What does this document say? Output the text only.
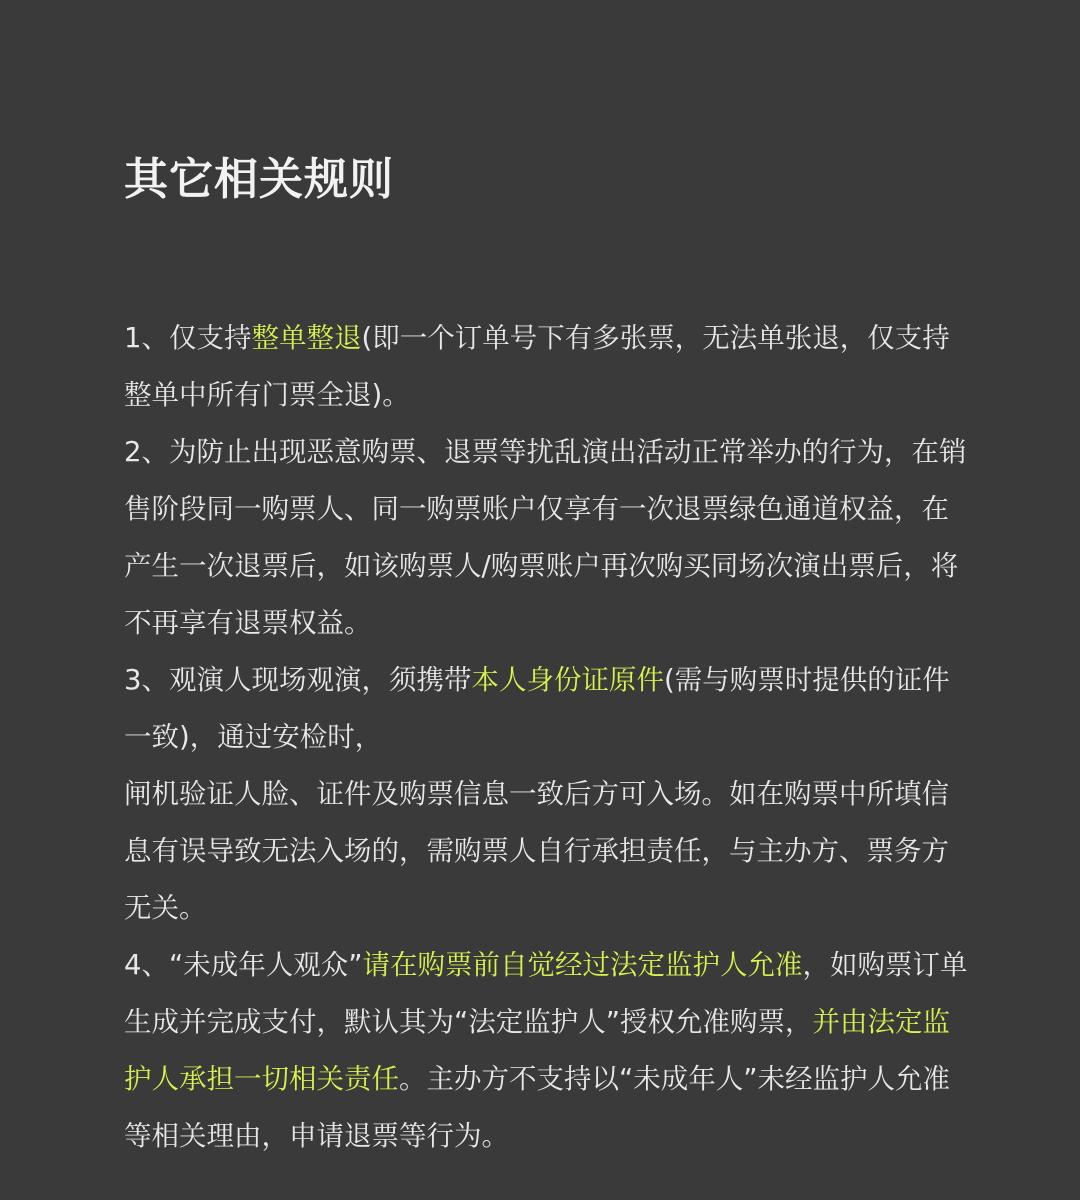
其它相关规则

1、仅支持整单整退(即一个订单号下有多张票，无法单张退，仅支持整单中所有门票全退)。

2、为防止出现恶意购票、退票等扰乱演出活动正常举办的行为，在销售阶段同一购票人、同一购票账户仅享有一次退票绿色通道权益，在产生一次退票后，如该购票人/购票账户再次购买同场次演出票后，将不再享有退票权益。

3、观演人现场观演，须携带本人身份证原件(需与购票时提供的证件一致)，通过安检时，

闸机验证人脸、证件及购票信息一致后方可入场。如在购票中所填信息有误导致无法入场的，需购票人自行承担责任，与主办方、票务方无关。

4、“未成年人观众”请在购票前自觉经过法定监护人允准，如购票订单生成并完成支付，默认其为“法定监护人”授权允准购票，并由法定监护人承担一切相关责任。主办方不支持以“未成年人”未经监护人允准等相关理由，申请退票等行为。
